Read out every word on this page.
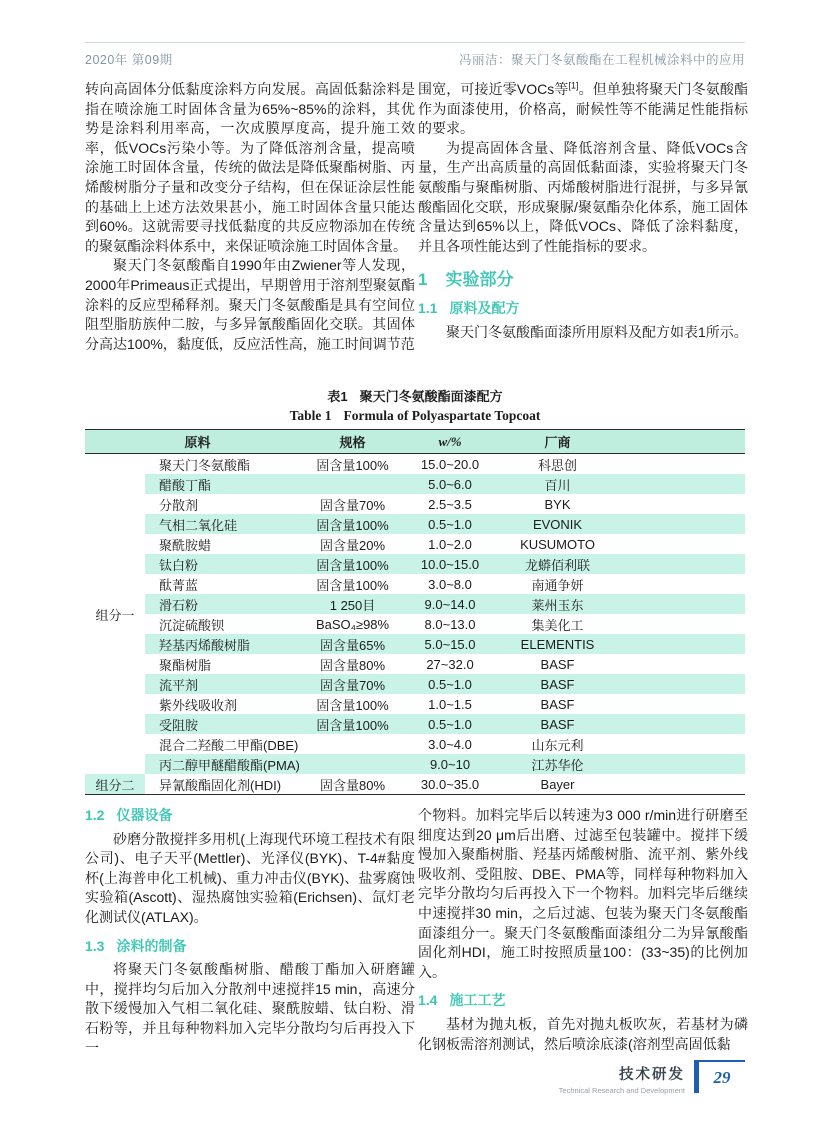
2020年 第09期	冯丽洁：聚天门冬氨酸酯在工程机械涂料中的应用

转向高固体分低黏度涂料方向发展。高固低黏涂料是指在喷涂施工时固体含量为65%~85%的涂料，其优势是涂料利用率高，一次成膜厚度高，提升施工效率，低VOCs污染小等。为了降低溶剂含量，提高喷涂施工时固体含量，传统的做法是降低聚酯树脂、丙烯酸树脂分子量和改变分子结构，但在保证涂层性能的基础上上述方法效果甚小，施工时固体含量只能达到60%。这就需要寻找低黏度的共反应物添加在传统的聚氨酯涂料体系中，来保证喷涂施工时固体含量。

聚天门冬氨酸酯自1990年由Zwiener等人发现，2000年Primeaus正式提出，早期曾用于溶剂型聚氨酯涂料的反应型稀释剂。聚天门冬氨酸酯是具有空间位阻型脂肪族仲二胺，与多异氰酸酯固化交联。其固体分高达100%，黏度低，反应活性高，施工时间调节范

围宽，可接近零VOCs等[1]。但单独将聚天门冬氨酸酯作为面漆使用，价格高，耐候性等不能满足性能指标的要求。

为提高固体含量、降低溶剂含量、降低VOCs含量，生产出高质量的高固低黏面漆，实验将聚天门冬氨酸酯与聚酯树脂、丙烯酸树脂进行混拼，与多异氰酸酯固化交联，形成聚脲/聚氨酯杂化体系，施工固体含量达到65%以上，降低VOCs、降低了涂料黏度，并且各项性能达到了性能指标的要求。

1 实验部分
1.1 原料及配方

聚天门冬氨酸酯面漆所用原料及配方如表1所示。

表1 聚天门冬氨酸酯面漆配方
Table 1 Formula of Polyaspartate Topcoat
原料		规格	w/%	厂商	
组分一	聚天门冬氨酸酯	固含量100%	15.0~20.0	科思创	
	醋酸丁酯		5.0~6.0	百川	
	分散剂	固含量70%	2.5~3.5	BYK	
	气相二氧化硅	固含量100%	0.5~1.0	EVONIK	
	聚酰胺蜡	固含量20%	1.0~2.0	KUSUMOTO	
	钛白粉	固含量100%	10.0~15.0	龙蟒佰利联	
	酞菁蓝	固含量100%	3.0~8.0	南通争妍	
	滑石粉	1 250目	9.0~14.0	莱州玉东	
	沉淀硫酸钡	BaSO₄≥98%	8.0~13.0	集美化工	
	羟基丙烯酸树脂	固含量65%	5.0~15.0	ELEMENTIS	
	聚酯树脂	固含量80%	27~32.0	BASF	
	流平剂	固含量70%	0.5~1.0	BASF	
	紫外线吸收剂	固含量100%	1.0~1.5	BASF	
	受阻胺	固含量100%	0.5~1.0	BASF	
	混合二羟酸二甲酯(DBE)		3.0~4.0	山东元利	
	丙二醇甲醚醋酸酯(PMA)		9.0~10	江苏华伦	
组分二	异氰酸酯固化剂(HDI)	固含量80%	30.0~35.0	Bayer	
1.2 仪器设备

砂磨分散搅拌多用机(上海现代环境工程技术有限公司)、电子天平(Mettler)、光泽仪(BYK)、T-4#黏度杯(上海普申化工机械)、重力冲击仪(BYK)、盐雾腐蚀实验箱(Ascott)、湿热腐蚀实验箱(Erichsen)、氙灯老化测试仪(ATLAX)。

1.3 涂料的制备

将聚天门冬氨酸酯树脂、醋酸丁酯加入研磨罐中，搅拌均匀后加入分散剂中速搅拌15 min，高速分散下缓慢加入气相二氧化硅、聚酰胺蜡、钛白粉、滑石粉等，并且每种物料加入完毕分散均匀后再投入下一

个物料。加料完毕后以转速为3 000 r/min进行研磨至细度达到20 μm后出磨、过滤至包装罐中。搅拌下缓慢加入聚酯树脂、羟基丙烯酸树脂、流平剂、紫外线吸收剂、受阻胺、DBE、PMA等，同样每种物料加入完毕分散均匀后再投入下一个物料。加料完毕后继续中速搅拌30 min，之后过滤、包装为聚天门冬氨酸酯面漆组分一。聚天门冬氨酸酯面漆组分二为异氰酸酯固化剂HDI，施工时按照质量100：(33~35)的比例加入。

1.4 施工工艺

基材为抛丸板，首先对抛丸板吹灰，若基材为磷化钢板需溶剂测试，然后喷涂底漆(溶剂型高固低黏

技术研发
Technical Research and Development
29
